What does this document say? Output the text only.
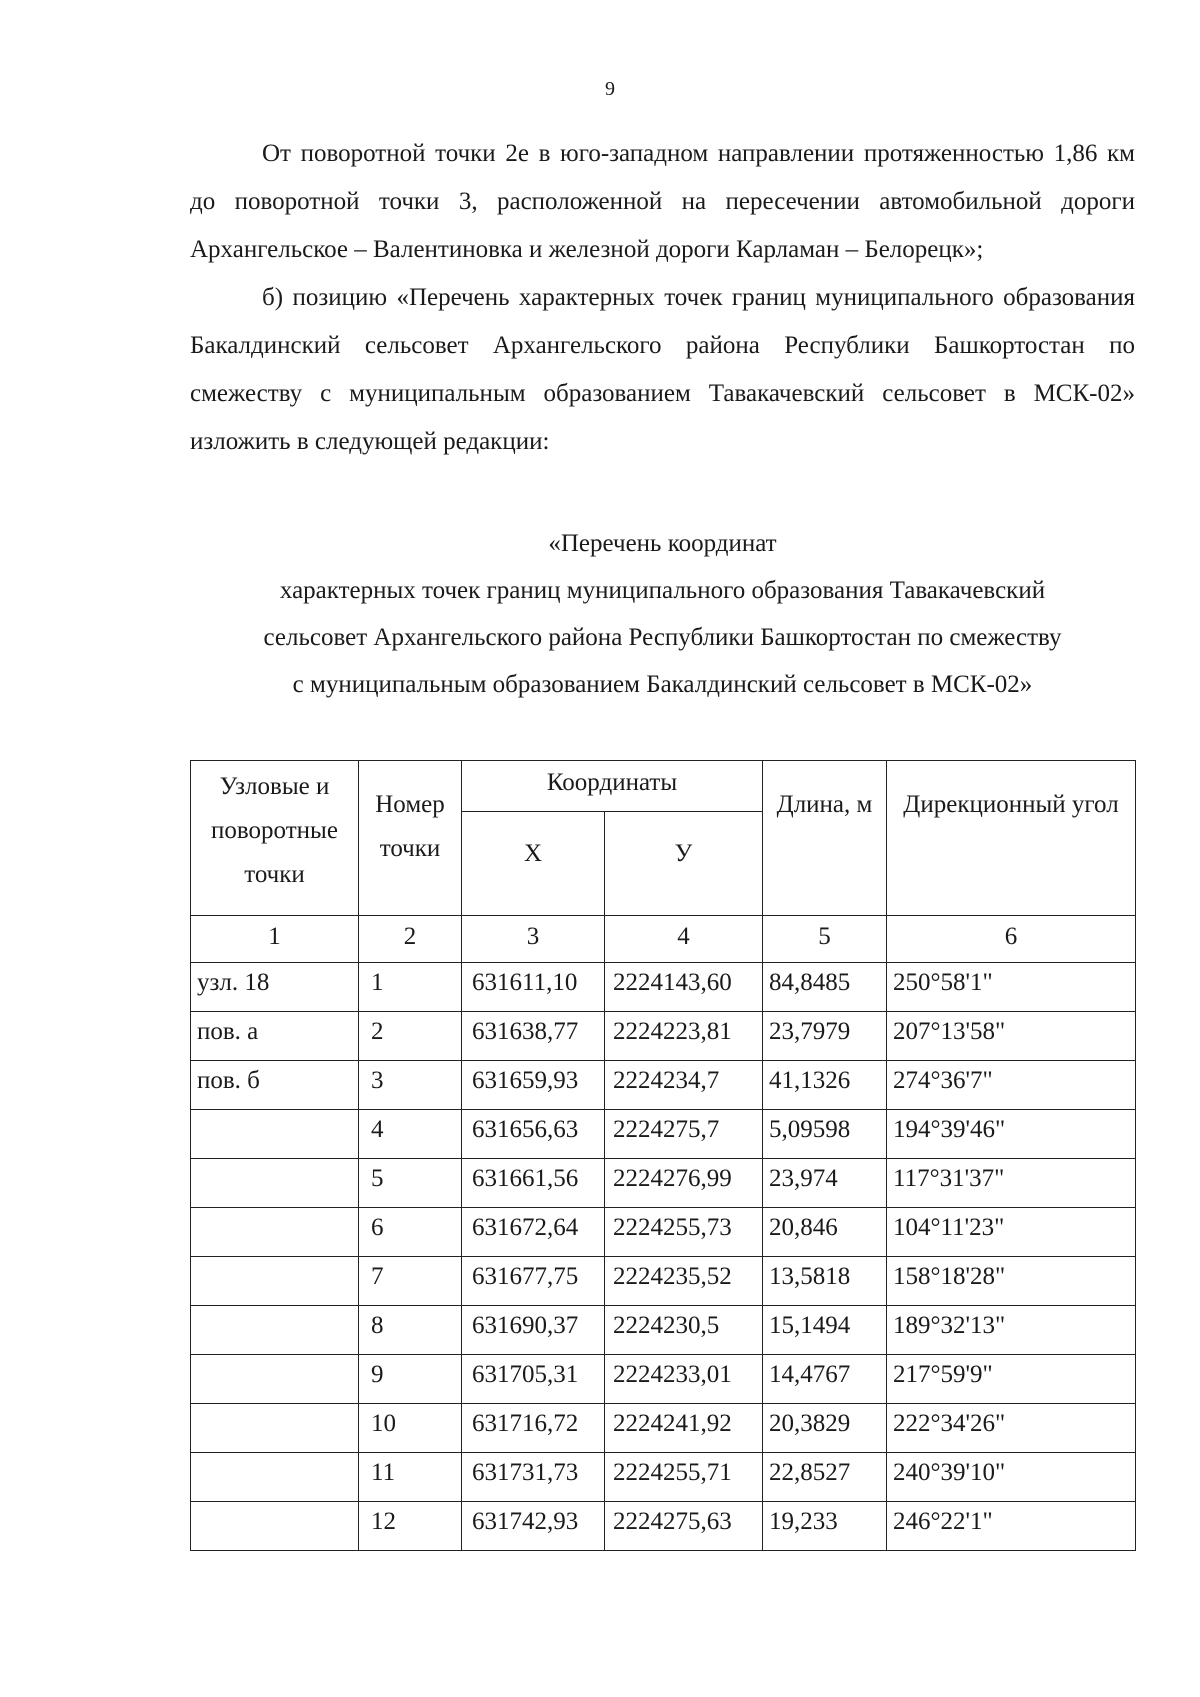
9

От поворотной точки 2е в юго-западном направлении протяженностью 1,86 км до поворотной точки 3, расположенной на пересечении автомобильной дороги Архангельское – Валентиновка и железной дороги Карламан – Белорецк»;

б) позицию «Перечень характерных точек границ муниципального образования Бакалдинский сельсовет Архангельского района Республики Башкортостан по смежеству с муниципальным образованием Тавакачевский сельсовет в МСК-02» изложить в следующей редакции:

«Перечень координат
характерных точек границ муниципального образования Тавакачевский
сельсовет Архангельского района Республики Башкортостан по смежеству
с муниципальным образованием Бакалдинский сельсовет в МСК-02»
Узловые и поворотные точки	Номер точки	Координаты		Длина, м	Дирекционный угол
		Х	У		
1	2	3	4	5	6
узл. 18	1	631611,10	2224143,60	84,8485	250°58'1"
пов. а	2	631638,77	2224223,81	23,7979	207°13'58"
пов. б	3	631659,93	2224234,7	41,1326	274°36'7"
	4	631656,63	2224275,7	5,09598	194°39'46"
	5	631661,56	2224276,99	23,974	117°31'37"
	6	631672,64	2224255,73	20,846	104°11'23"
	7	631677,75	2224235,52	13,5818	158°18'28"
	8	631690,37	2224230,5	15,1494	189°32'13"
	9	631705,31	2224233,01	14,4767	217°59'9"
	10	631716,72	2224241,92	20,3829	222°34'26"
	11	631731,73	2224255,71	22,8527	240°39'10"
	12	631742,93	2224275,63	19,233	246°22'1"
